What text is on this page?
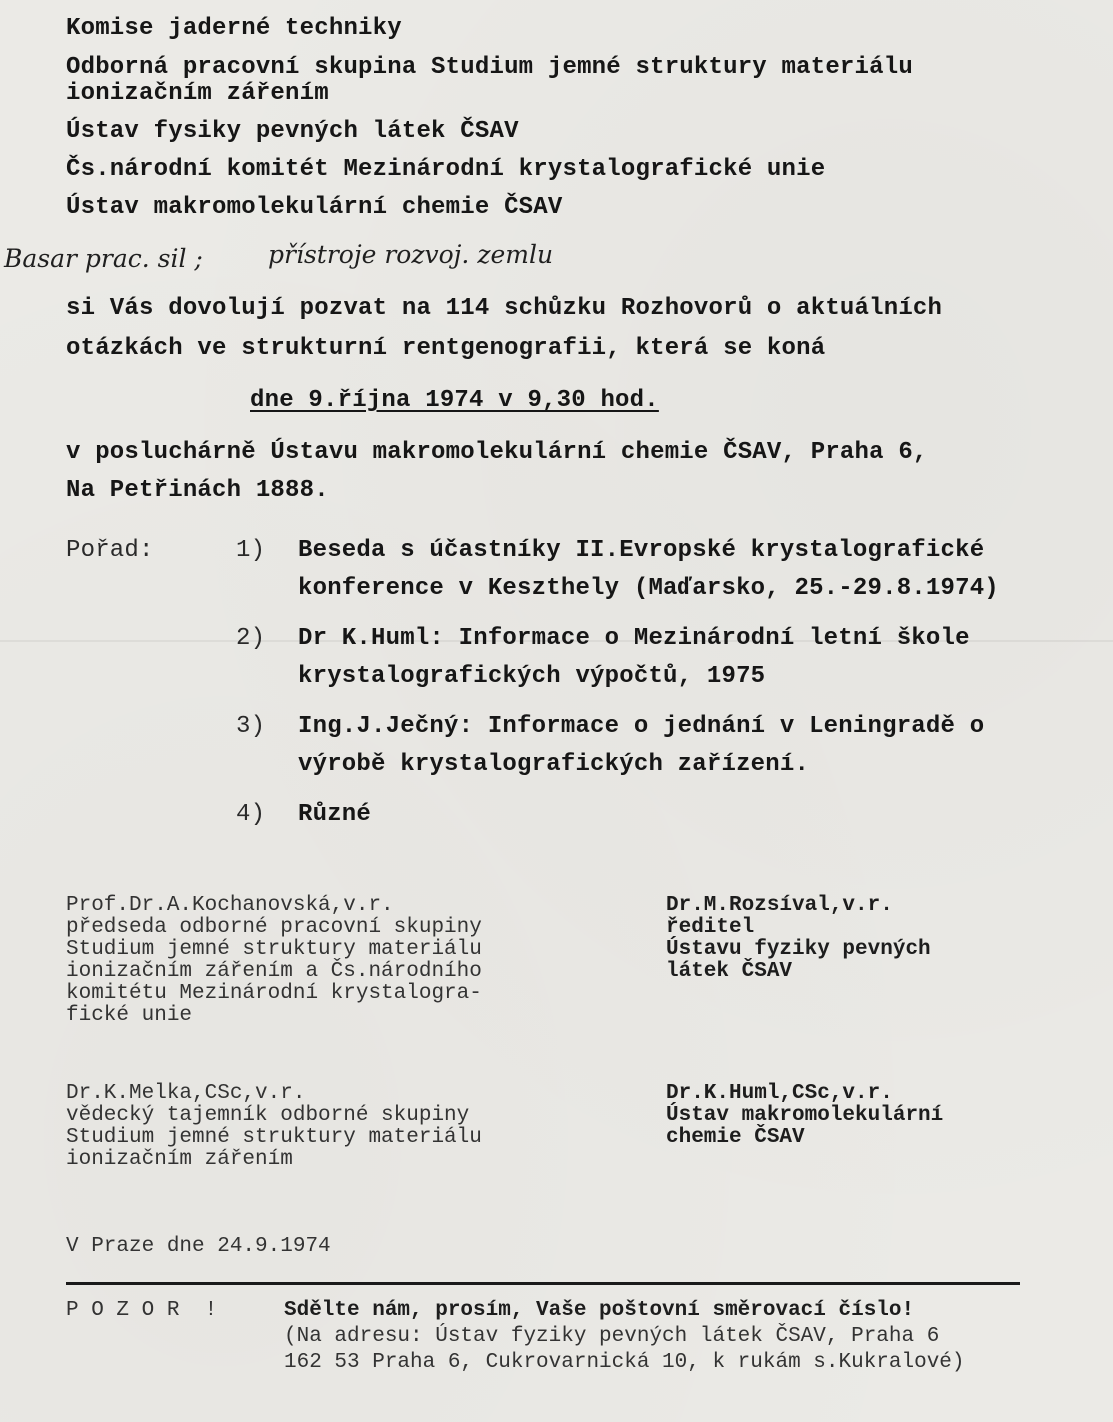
Komise jaderné techniky
Odborná pracovní skupina Studium jemné struktury materiálu
ionizačním zářením
Ústav fysiky pevných látek ČSAV
Čs.národní komitét Mezinárodní krystalografické unie
Ústav makromolekulární chemie ČSAV
Basar prac. sil ;	přístroje rozvoj. zemlu
si Vás dovolují pozvat na 114 schůzku Rozhovorů o aktuálních
otázkách ve strukturní rentgenografii, která se koná
dne 9.října 1974 v 9,30 hod.
v posluchárně Ústavu makromolekulární chemie ČSAV, Praha 6,
Na Petřinách 1888.
Pořad:	1) Beseda s účastníky II.Evropské krystalografické
konference v Keszthely (Maďarsko, 25.-29.8.1974)
2) Dr K.Huml: Informace o Mezinárodní letní škole
krystalografických výpočtů, 1975
3) Ing.J.Ječný: Informace o jednání v Leningradě o
výrobě krystalografických zařízení.
4) Různé
Prof.Dr.A.Kochanovská,v.r.
předseda odborné pracovní skupiny
Studium jemné struktury materiálu
ionizačním zářením a Čs.národního
komitétu Mezinárodní krystalogra-
fické unie
Dr.M.Rozsíval,v.r.
ředitel
Ústavu fyziky pevných
látek ČSAV
Dr.K.Melka,CSc,v.r.
vědecký tajemník odborné skupiny
Studium jemné struktury materiálu
ionizačním zářením
Dr.K.Huml,CSc,v.r.
Ústav makromolekulární
chemie ČSAV
V Praze dne 24.9.1974
P O Z O R  !	Sdělte nám, prosím, Vaše poštovní směrovací číslo!
(Na adresu: Ústav fyziky pevných látek ČSAV, Praha 6
162 53 Praha 6, Cukrovarnická 10, k rukám s.Kukralové)
